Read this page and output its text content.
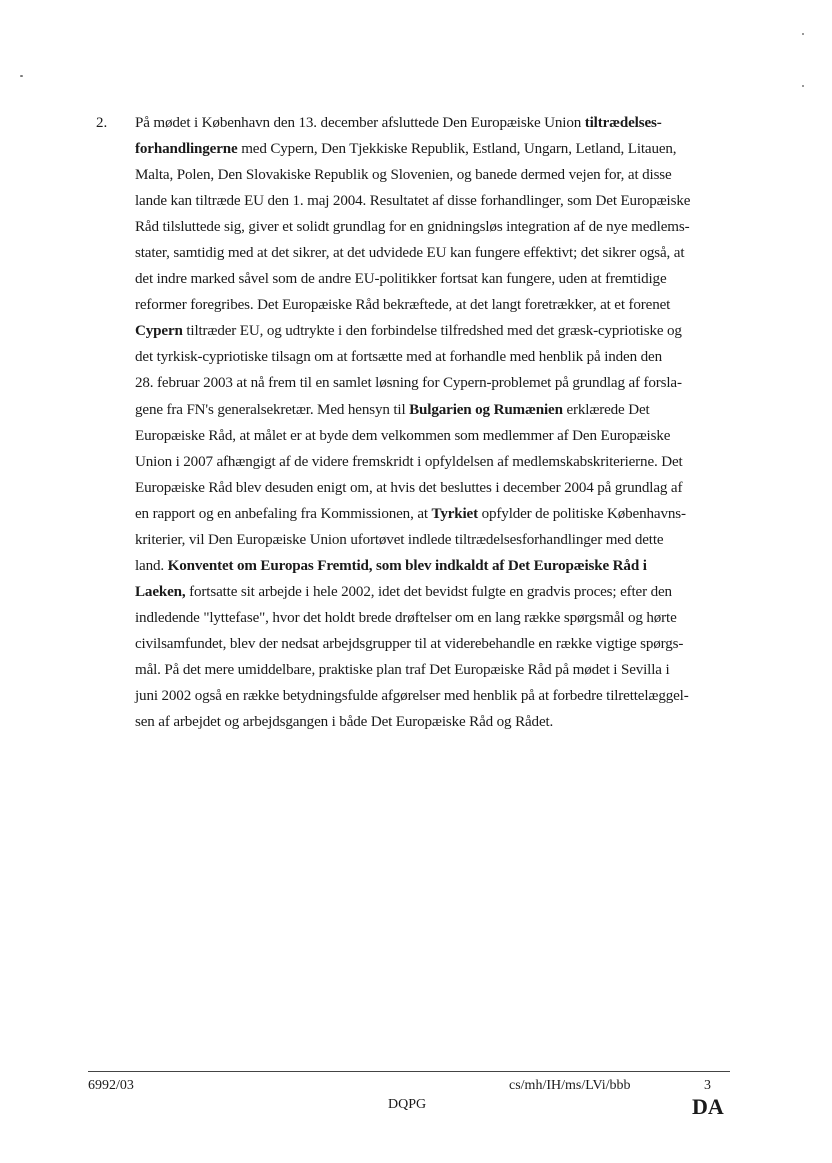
2. På mødet i København den 13. december afsluttede Den Europæiske Union tiltrædelses-
forhandlingerne med Cypern, Den Tjekkiske Republik, Estland, Ungarn, Letland, Litauen,
Malta, Polen, Den Slovakiske Republik og Slovenien, og banede dermed vejen for, at disse
lande kan tiltræde EU den 1. maj 2004. Resultatet af disse forhandlinger, som Det Europæiske
Råd tilsluttede sig, giver et solidt grundlag for en gnidningsløs integration af de nye medlems-
stater, samtidig med at det sikrer, at det udvidede EU kan fungere effektivt; det sikrer også, at
det indre marked såvel som de andre EU-politikker fortsat kan fungere, uden at fremtidige
reformer foregribes. Det Europæiske Råd bekræftede, at det langt foretrækker, at et forenet
Cypern tiltræder EU, og udtrykte i den forbindelse tilfredshed med det græsk-cypriotiske og
det tyrkisk-cypriotiske tilsagn om at fortsætte med at forhandle med henblik på inden den
28. februar 2003 at nå frem til en samlet løsning for Cypern-problemet på grundlag af forsla-
gene fra FN's generalsekretær. Med hensyn til Bulgarien og Rumænien erklærede Det
Europæiske Råd, at målet er at byde dem velkommen som medlemmer af Den Europæiske
Union i 2007 afhængigt af de videre fremskridt i opfyldelsen af medlemskabskriterierne. Det
Europæiske Råd blev desuden enigt om, at hvis det besluttes i december 2004 på grundlag af
en rapport og en anbefaling fra Kommissionen, at Tyrkiet opfylder de politiske Københavns-
kriterier, vil Den Europæiske Union ufortøvet indlede tiltrædelsesforhandlinger med dette
land. Konventet om Europas Fremtid, som blev indkaldt af Det Europæiske Råd i
Laeken, fortsatte sit arbejde i hele 2002, idet det bevidst fulgte en gradvis proces; efter den
indledende "lyttefase", hvor det holdt brede drøftelser om en lang række spørgsmål og hørte
civilsamfundet, blev der nedsat arbejdsgrupper til at viderebehandle en række vigtige spørgs-
mål. På det mere umiddelbare, praktiske plan traf Det Europæiske Råd på mødet i Sevilla i
juni 2002 også en række betydningsfulde afgørelser med henblik på at forbedre tilrettelæggel-
sen af arbejdet og arbejdsgangen i både Det Europæiske Råd og Rådet.
6992/03	cs/mh/IH/ms/LVi/bbb	3
DQPG	DA
